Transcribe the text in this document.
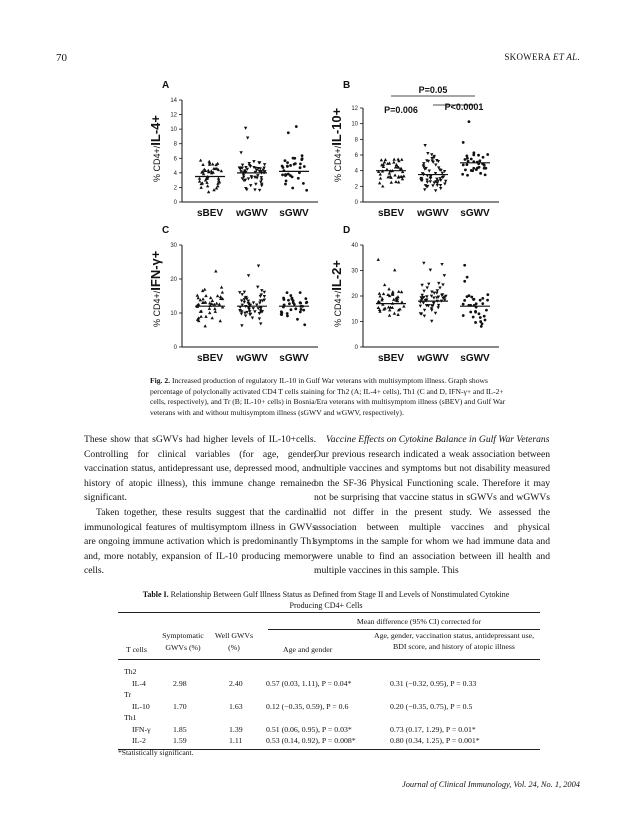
70	SKOWERA ET AL.
A
% CD4+/IL-4+
0
2
4
6
8
10
12
14
sBEV wGWV sGWV
B
% CD4+/IL-10+
0
2
4
6
8
10
12
sBEV wGWV sGWV
P=0.05
P=0.006	P<0.0001
C
% CD4+/IFN-γ+
0
10
20
30
sBEV wGWV sGWV
D
% CD4+/IL-2+
0
10
20
30
40
sBEV wGWV sGWV
Fig. 2. Increased production of regulatory IL-10 in Gulf War veterans with multisymptom illness. Graph shows percentage of polyclonally activated CD4 T cells staining for Th2 (A; IL-4+ cells), Th1 (C and D, IFN-γ+ and IL-2+ cells, respectively), and Tr (B; IL-10+ cells) in Bosnia/Era veterans with multisymptom illness (sBEV) and Gulf War veterans with and without multisymptom illness (sGWV and wGWV, respectively).

These show that sGWVs had higher levels of IL-10+cells. Controlling for clinical variables (for age, gender, vaccination status, antidepressant use, depressed mood, and history of atopic illness), this immune change remained significant.

Taken together, these results suggest that the cardinal immunological features of multisymptom illness in GWVs are ongoing immune activation which is predominantly Th1 and, more notably, expansion of IL-10 producing memory cells.

Vaccine Effects on Cytokine Balance in Gulf War Veterans

Our previous research indicated a weak association between multiple vaccines and symptoms but not disability measured on the SF-36 Physical Functioning scale. Therefore it may not be surprising that vaccine status in sGWVs and wGWVs did not differ in the present study. We assessed the association between multiple vaccines and physical symptoms in the sample for whom we had immune data and were unable to find an association between ill health and multiple vaccines in this sample. This

Table I. Relationship Between Gulf Illness Status as Defined from Stage II and Levels of Nonstimulated Cytokine Producing CD4+ Cells
Mean difference (95% CI) corrected for
T cells
Symptomatic GWVs (%)
Well GWVs (%)	Age and gender
Age, gender, vaccination status, antidepressant use, BDI score, and history of atopic illness
Th2
IL-4	2.98	2.40	0.57 (0.03, 1.11), P = 0.04*	0.31 (−0.32, 0.95), P = 0.33
Tr
IL-10	1.70	1.63	0.12 (−0.35, 0.59), P = 0.6	0.20 (−0.35, 0.75), P = 0.5
Th1
IFN-γ	1.85	1.39	0.51 (0.06, 0.95), P = 0.03*	0.73 (0.17, 1.29), P = 0.01*
IL-2	1.59	1.11	0.53 (0.14, 0.92), P = 0.008*	0.80 (0.34, 1.25), P = 0.001*
*Statistically significant.
Journal of Clinical Immunology, Vol. 24, No. 1, 2004
